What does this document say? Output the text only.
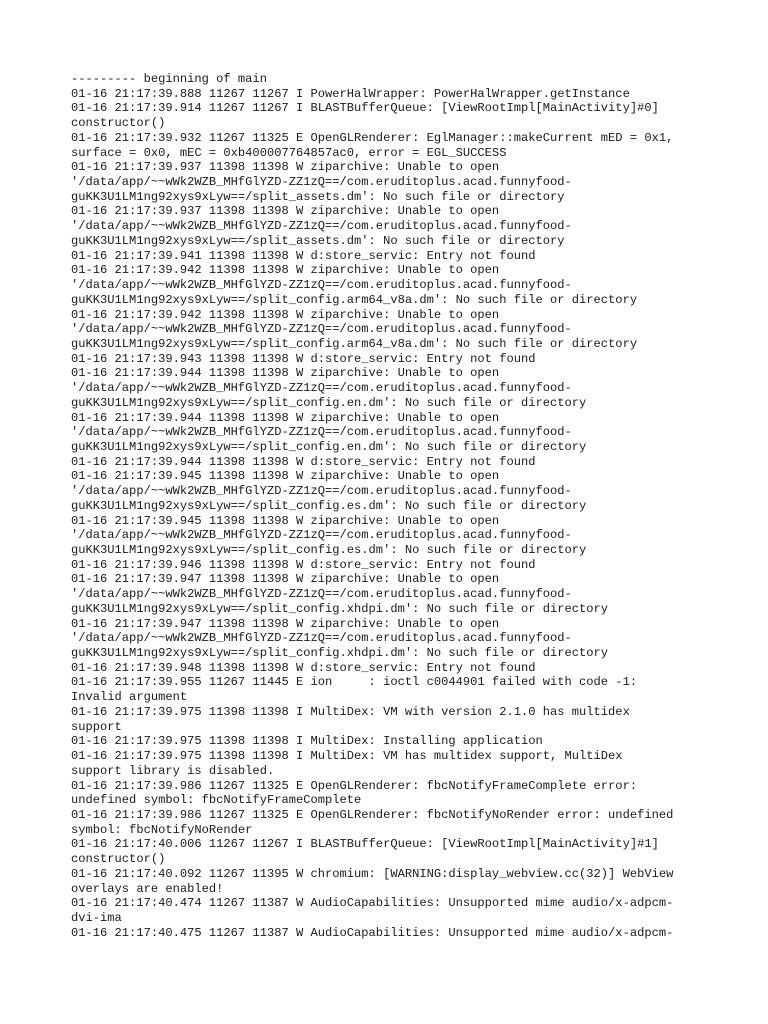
--------- beginning of main
01-16 21:17:39.888 11267 11267 I PowerHalWrapper: PowerHalWrapper.getInstance
01-16 21:17:39.914 11267 11267 I BLASTBufferQueue: [ViewRootImpl[MainActivity]#0]
constructor()
01-16 21:17:39.932 11267 11325 E OpenGLRenderer: EglManager::makeCurrent mED = 0x1,
surface = 0x0, mEC = 0xb400007764857ac0, error = EGL_SUCCESS
01-16 21:17:39.937 11398 11398 W ziparchive: Unable to open
'/data/app/~~wWk2WZB_MHfGlYZD-ZZ1zQ==/com.eruditoplus.acad.funnyfood-
guKK3U1LM1ng92xys9xLyw==/split_assets.dm': No such file or directory
01-16 21:17:39.937 11398 11398 W ziparchive: Unable to open
'/data/app/~~wWk2WZB_MHfGlYZD-ZZ1zQ==/com.eruditoplus.acad.funnyfood-
guKK3U1LM1ng92xys9xLyw==/split_assets.dm': No such file or directory
01-16 21:17:39.941 11398 11398 W d:store_servic: Entry not found
01-16 21:17:39.942 11398 11398 W ziparchive: Unable to open
'/data/app/~~wWk2WZB_MHfGlYZD-ZZ1zQ==/com.eruditoplus.acad.funnyfood-
guKK3U1LM1ng92xys9xLyw==/split_config.arm64_v8a.dm': No such file or directory
01-16 21:17:39.942 11398 11398 W ziparchive: Unable to open
'/data/app/~~wWk2WZB_MHfGlYZD-ZZ1zQ==/com.eruditoplus.acad.funnyfood-
guKK3U1LM1ng92xys9xLyw==/split_config.arm64_v8a.dm': No such file or directory
01-16 21:17:39.943 11398 11398 W d:store_servic: Entry not found
01-16 21:17:39.944 11398 11398 W ziparchive: Unable to open
'/data/app/~~wWk2WZB_MHfGlYZD-ZZ1zQ==/com.eruditoplus.acad.funnyfood-
guKK3U1LM1ng92xys9xLyw==/split_config.en.dm': No such file or directory
01-16 21:17:39.944 11398 11398 W ziparchive: Unable to open
'/data/app/~~wWk2WZB_MHfGlYZD-ZZ1zQ==/com.eruditoplus.acad.funnyfood-
guKK3U1LM1ng92xys9xLyw==/split_config.en.dm': No such file or directory
01-16 21:17:39.944 11398 11398 W d:store_servic: Entry not found
01-16 21:17:39.945 11398 11398 W ziparchive: Unable to open
'/data/app/~~wWk2WZB_MHfGlYZD-ZZ1zQ==/com.eruditoplus.acad.funnyfood-
guKK3U1LM1ng92xys9xLyw==/split_config.es.dm': No such file or directory
01-16 21:17:39.945 11398 11398 W ziparchive: Unable to open
'/data/app/~~wWk2WZB_MHfGlYZD-ZZ1zQ==/com.eruditoplus.acad.funnyfood-
guKK3U1LM1ng92xys9xLyw==/split_config.es.dm': No such file or directory
01-16 21:17:39.946 11398 11398 W d:store_servic: Entry not found
01-16 21:17:39.947 11398 11398 W ziparchive: Unable to open
'/data/app/~~wWk2WZB_MHfGlYZD-ZZ1zQ==/com.eruditoplus.acad.funnyfood-
guKK3U1LM1ng92xys9xLyw==/split_config.xhdpi.dm': No such file or directory
01-16 21:17:39.947 11398 11398 W ziparchive: Unable to open
'/data/app/~~wWk2WZB_MHfGlYZD-ZZ1zQ==/com.eruditoplus.acad.funnyfood-
guKK3U1LM1ng92xys9xLyw==/split_config.xhdpi.dm': No such file or directory
01-16 21:17:39.948 11398 11398 W d:store_servic: Entry not found
01-16 21:17:39.955 11267 11445 E ion     : ioctl c0044901 failed with code -1:
Invalid argument
01-16 21:17:39.975 11398 11398 I MultiDex: VM with version 2.1.0 has multidex
support
01-16 21:17:39.975 11398 11398 I MultiDex: Installing application
01-16 21:17:39.975 11398 11398 I MultiDex: VM has multidex support, MultiDex
support library is disabled.
01-16 21:17:39.986 11267 11325 E OpenGLRenderer: fbcNotifyFrameComplete error:
undefined symbol: fbcNotifyFrameComplete
01-16 21:17:39.986 11267 11325 E OpenGLRenderer: fbcNotifyNoRender error: undefined
symbol: fbcNotifyNoRender
01-16 21:17:40.006 11267 11267 I BLASTBufferQueue: [ViewRootImpl[MainActivity]#1]
constructor()
01-16 21:17:40.092 11267 11395 W chromium: [WARNING:display_webview.cc(32)] WebView
overlays are enabled!
01-16 21:17:40.474 11267 11387 W AudioCapabilities: Unsupported mime audio/x-adpcm-
dvi-ima
01-16 21:17:40.475 11267 11387 W AudioCapabilities: Unsupported mime audio/x-adpcm-
